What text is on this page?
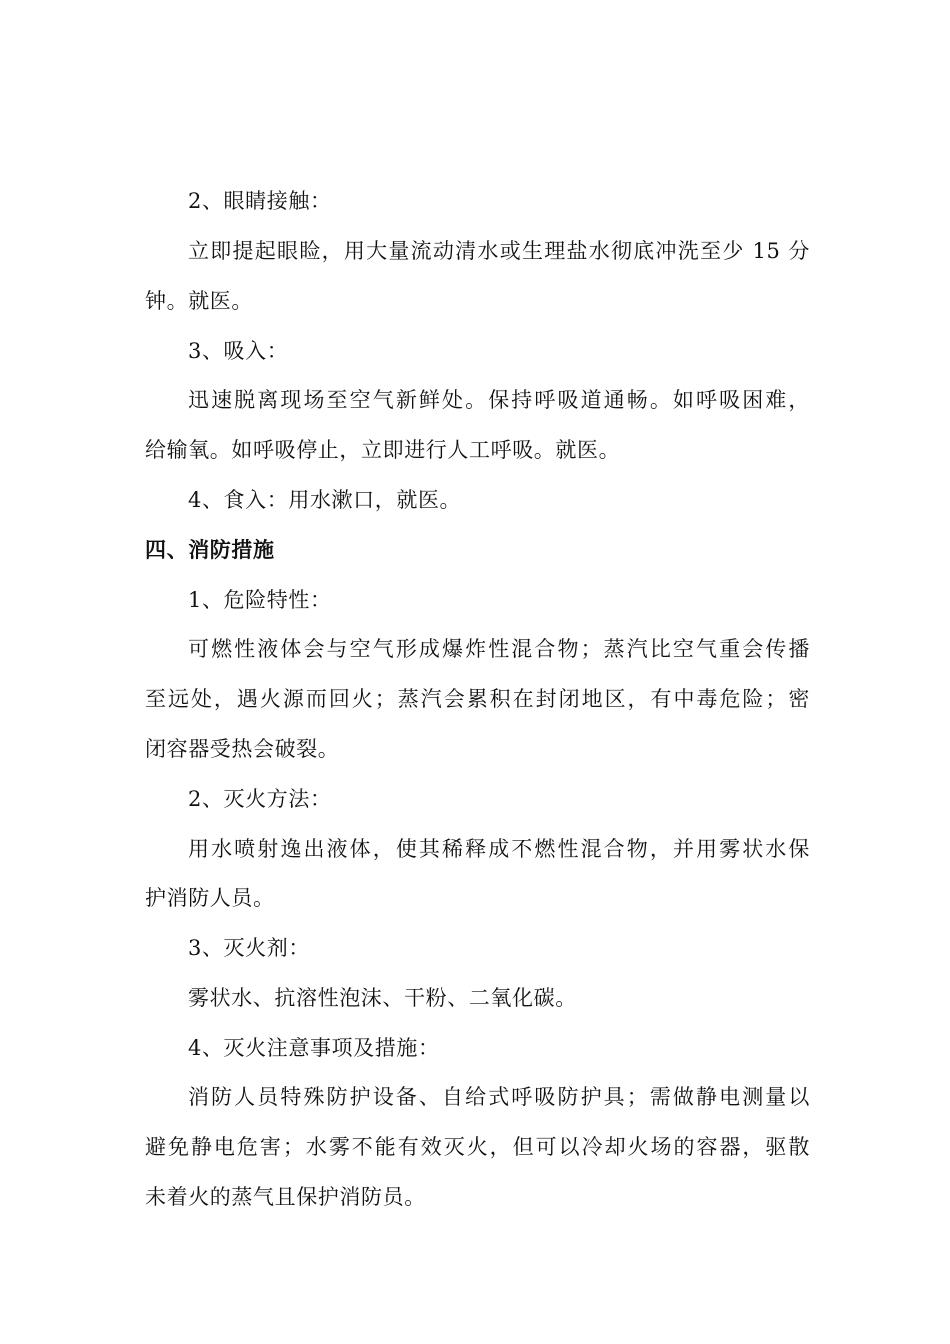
2、眼睛接触：
立即提起眼睑，用大量流动清水或生理盐水彻底冲洗至少 15 分
钟。就医。
3、吸入：
迅速脱离现场至空气新鲜处。保持呼吸道通畅。如呼吸困难，
给输氧。如呼吸停止，立即进行人工呼吸。就医。
4、食入：用水漱口，就医。
四、消防措施
1、危险特性：
可燃性液体会与空气形成爆炸性混合物；蒸汽比空气重会传播
至远处，遇火源而回火；蒸汽会累积在封闭地区，有中毒危险；密
闭容器受热会破裂。
2、灭火方法：
用水喷射逸出液体，使其稀释成不燃性混合物，并用雾状水保
护消防人员。
3、灭火剂：
雾状水、抗溶性泡沫、干粉、二氧化碳。
4、灭火注意事项及措施：
消防人员特殊防护设备、自给式呼吸防护具；需做静电测量以
避免静电危害；水雾不能有效灭火，但可以冷却火场的容器，驱散
未着火的蒸气且保护消防员。
